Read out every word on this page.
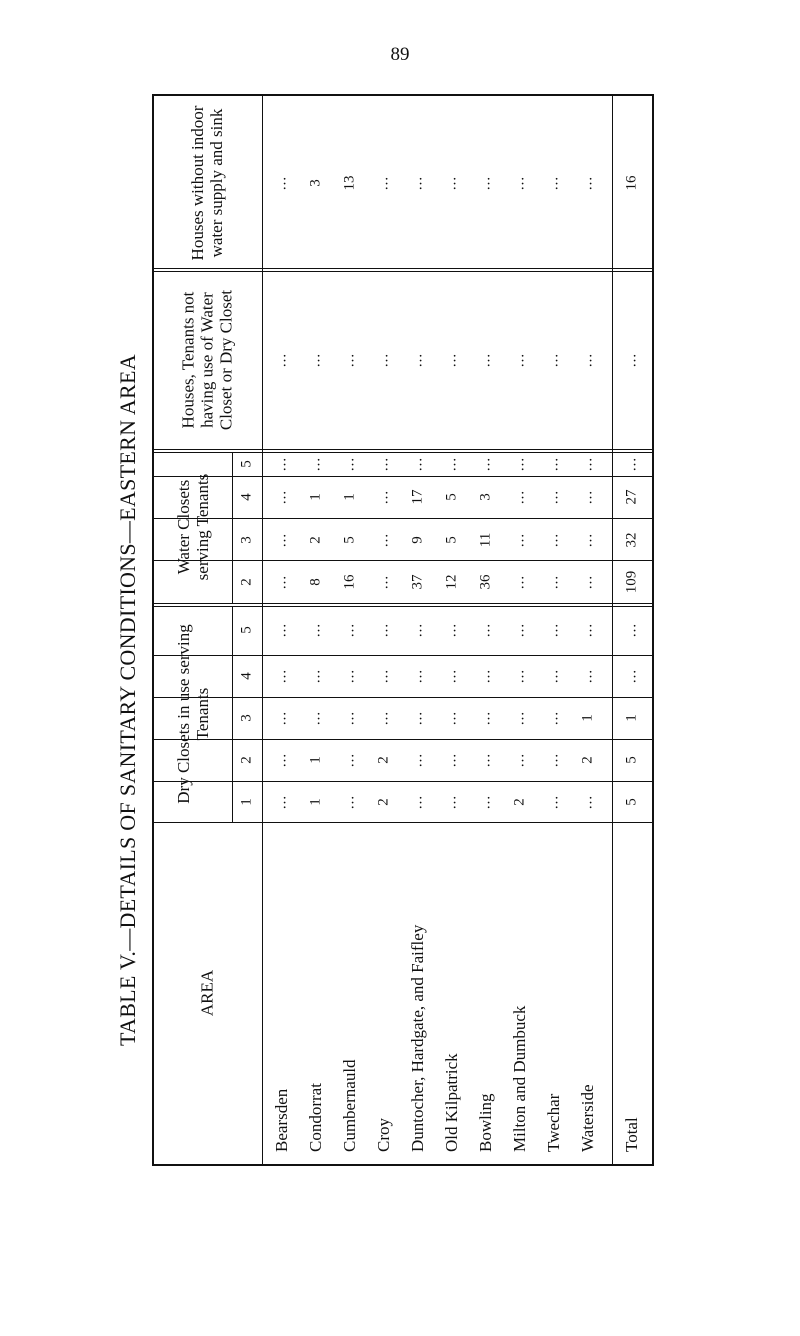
89
TABLE V.—DETAILS OF SANITARY CONDITIONS—EASTERN AREA	AREA
Dry Closets in use serving Tenants
Water Closets serving Tenants
Houses, Tenants not having use of Water Closet or Dry Closet
Houses without indoor water supply and sink
1
2
3
4
5
2
3
4
5
Bearsden
...
...
...
...
...
...
...
...
...
...
...
Condorrat
1
1
...
...
...
8
2
1
...
...
3
Cumbernauld
...
...
...
...
...
16
5
1
...
...
13
Croy
2
2
...
...
...
...
...
...
...
...
...
Duntocher, Hardgate, and Faifley
...
...
...
...
...
37
9
17
...
...
...
Old Kilpatrick
...
...
...
...
...
12
5
5
...
...
...
Bowling
...
...
...
...
...
36
11
3
...
...
...
Milton and Dumbuck
2
...
...
...
...
...
...
...
...
...
...
Twechar
...
...
...
...
...
...
...
...
...
...
...
Waterside
...
2
1
...
...
...
...
...
...
...
...
Total
5
5
1
...
...
109
32
27
...
...
16
